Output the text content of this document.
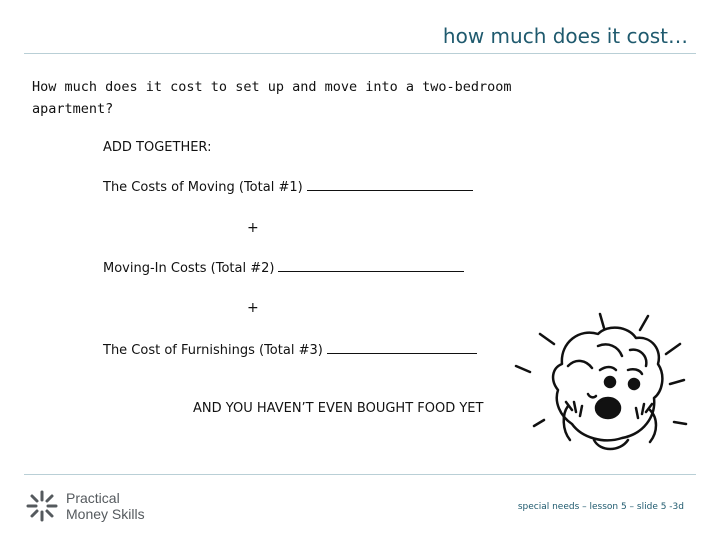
how much does it cost…
How much does it cost to set up and move into a two-bedroom apartment?
ADD TOGETHER:
The Costs of Moving (Total #1)
+
Moving-In Costs (Total #2)
+
The Cost of Furnishings (Total #3)
AND YOU HAVEN’T EVEN BOUGHT FOOD YET
Practical
Money Skills	special needs – lesson 5 – slide 5 -3d
